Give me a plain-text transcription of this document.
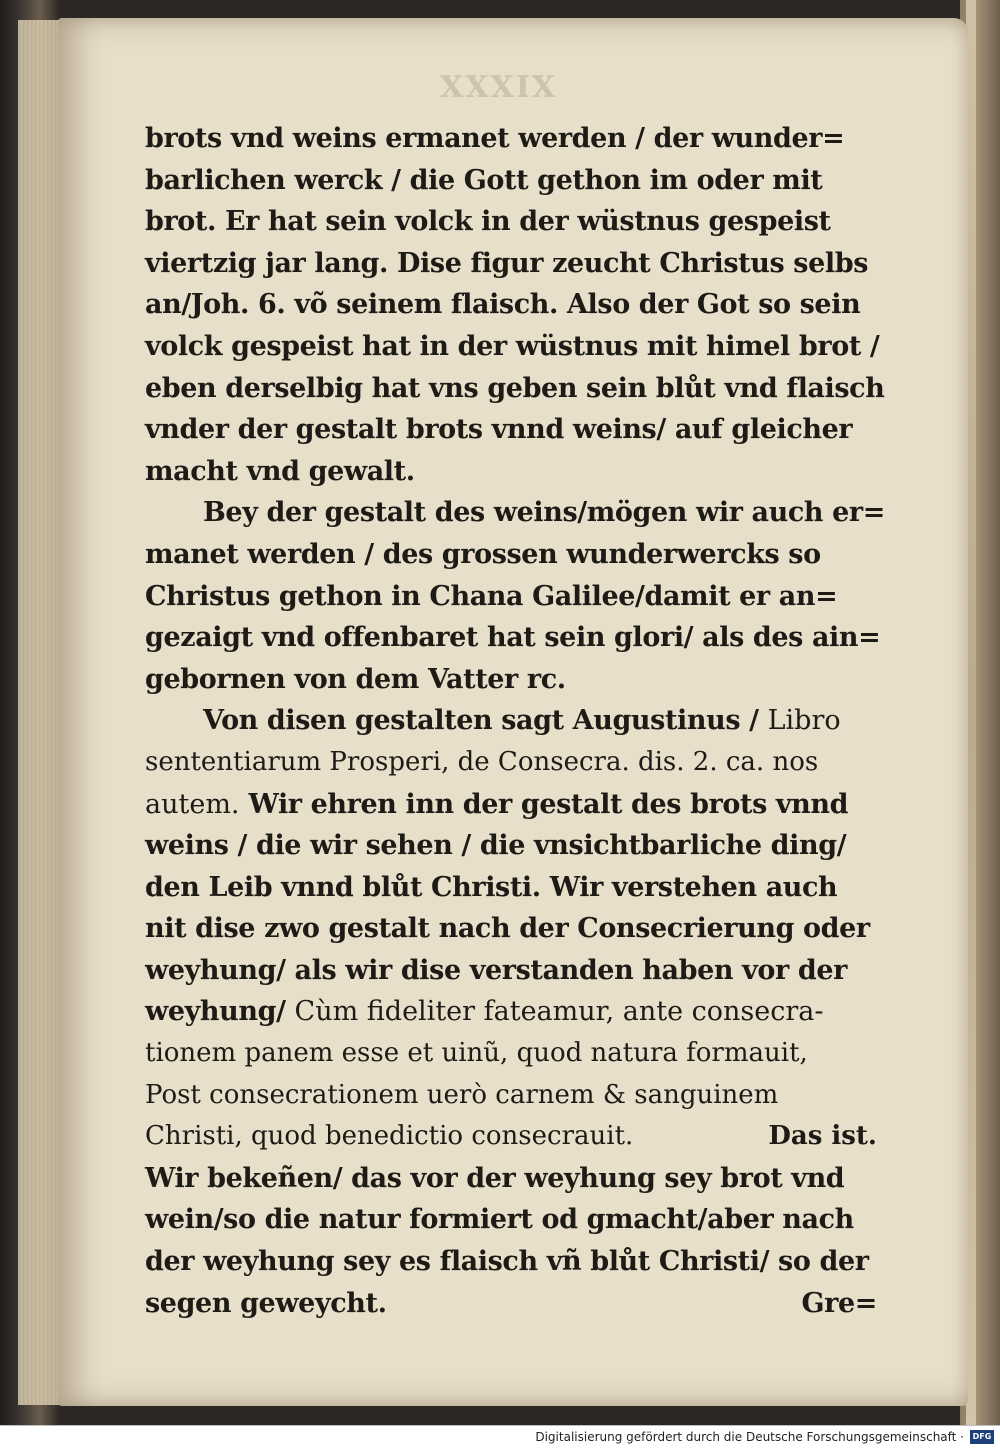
XXXIX
brots vnd weins ermanet werden / der wunder=
barlichen werck / die Gott gethon im oder mit
brot. Er hat sein volck in der wüstnus gespeist
viertzig jar lang. Dise figur zeucht Christus selbs
an/Joh. 6. võ seinem flaisch. Also der Got so sein
volck gespeist hat in der wüstnus mit himel brot /
eben derselbig hat vns geben sein blůt vnd flaisch
vnder der gestalt brots vnnd weins/ auf gleicher
macht vnd gewalt.
Bey der gestalt des weins/mögen wir auch er=
manet werden / des grossen wunderwercks so
Christus gethon in Chana Galilee/damit er an=
gezaigt vnd offenbaret hat sein glori/ als des ain=
gebornen von dem Vatter rc.
Von disen gestalten sagt Augustinus / Libro
sententiarum Prosperi, de Consecra. dis. 2. ca. nos
autem. Wir ehren inn der gestalt des brots vnnd
weins / die wir sehen / die vnsichtbarliche ding/
den Leib vnnd blůt Christi. Wir verstehen auch
nit dise zwo gestalt nach der Consecrierung oder
weyhung/ als wir dise verstanden haben vor der
weyhung/ Cùm fideliter fateamur, ante consecra-
tionem panem esse et uinũ, quod natura formauit,
Post consecrationem uerò carnem & sanguinem
Christi, quod benedictio consecrauit.	Das ist.
Wir bekeñen/ das vor der weyhung sey brot vnd
wein/so die natur formiert od gmacht/aber nach
der weyhung sey es flaisch vñ blůt Christi/ so der
segen geweycht.	Gre=
Digitalisierung gefördert durch die Deutsche Forschungsgemeinschaft ·	DFG
